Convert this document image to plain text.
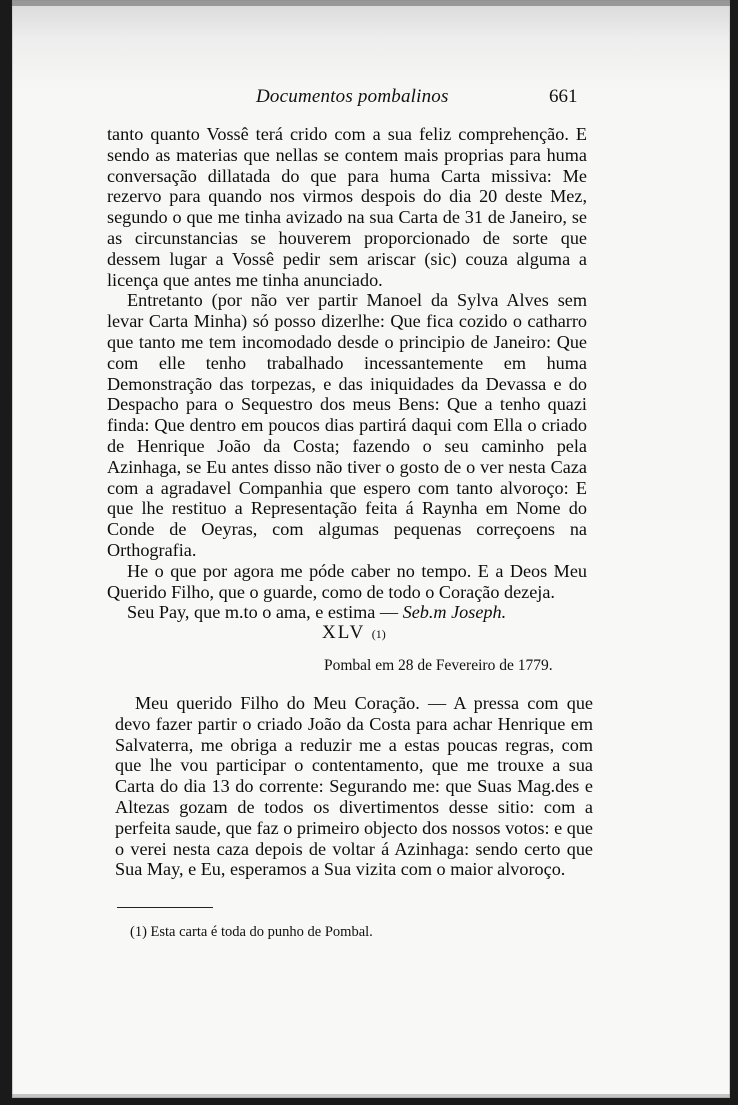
Documentos pombalinos	661

tanto quanto Vossê terá crido com a sua feliz comprehenção. E sendo as materias que nellas se contem mais proprias para huma conversação dillatada do que para huma Carta missiva: Me rezervo para quando nos virmos despois do dia 20 deste Mez, segundo o que me tinha avizado na sua Carta de 31 de Janeiro, se as circunstancias se houverem proporcionado de sorte que dessem lugar a Vossê pedir sem ariscar (sic) couza alguma a licença que antes me tinha anunciado.

Entretanto (por não ver partir Manoel da Sylva Alves sem levar Carta Minha) só posso dizerlhe: Que fica cozido o catharro que tanto me tem incomodado desde o principio de Janeiro: Que com elle tenho trabalhado incessantemente em huma Demonstração das torpezas, e das iniquidades da Devassa e do Despacho para o Sequestro dos meus Bens: Que a tenho quazi finda: Que dentro em poucos dias partirá daqui com Ella o criado de Henrique João da Costa; fazendo o seu caminho pela Azinhaga, se Eu antes disso não tiver o gosto de o ver nesta Caza com a agradavel Companhia que espero com tanto alvoroço: E que lhe restituo a Representação feita á Raynha em Nome do Conde de Oeyras, com algumas pequenas correçoens na Orthografia.

He o que por agora me póde caber no tempo. E a Deos Meu Querido Filho, que o guarde, como de todo o Coração dezeja.

Seu Pay, que m.to o ama, e estima — Seb.m Joseph.

XLV (1)
Pombal em 28 de Fevereiro de 1779.

Meu querido Filho do Meu Coração. — A pressa com que devo fazer partir o criado João da Costa para achar Henrique em Salvaterra, me obriga a reduzir me a estas poucas regras, com que lhe vou participar o contentamento, que me trouxe a sua Carta do dia 13 do corrente: Segurando me: que Suas Mag.des e Altezas gozam de todos os divertimentos desse sitio: com a perfeita saude, que faz o primeiro objecto dos nossos votos: e que o verei nesta caza depois de voltar á Azinhaga: sendo certo que Sua May, e Eu, esperamos a Sua vizita com o maior alvoroço.

(1) Esta carta é toda do punho de Pombal.
